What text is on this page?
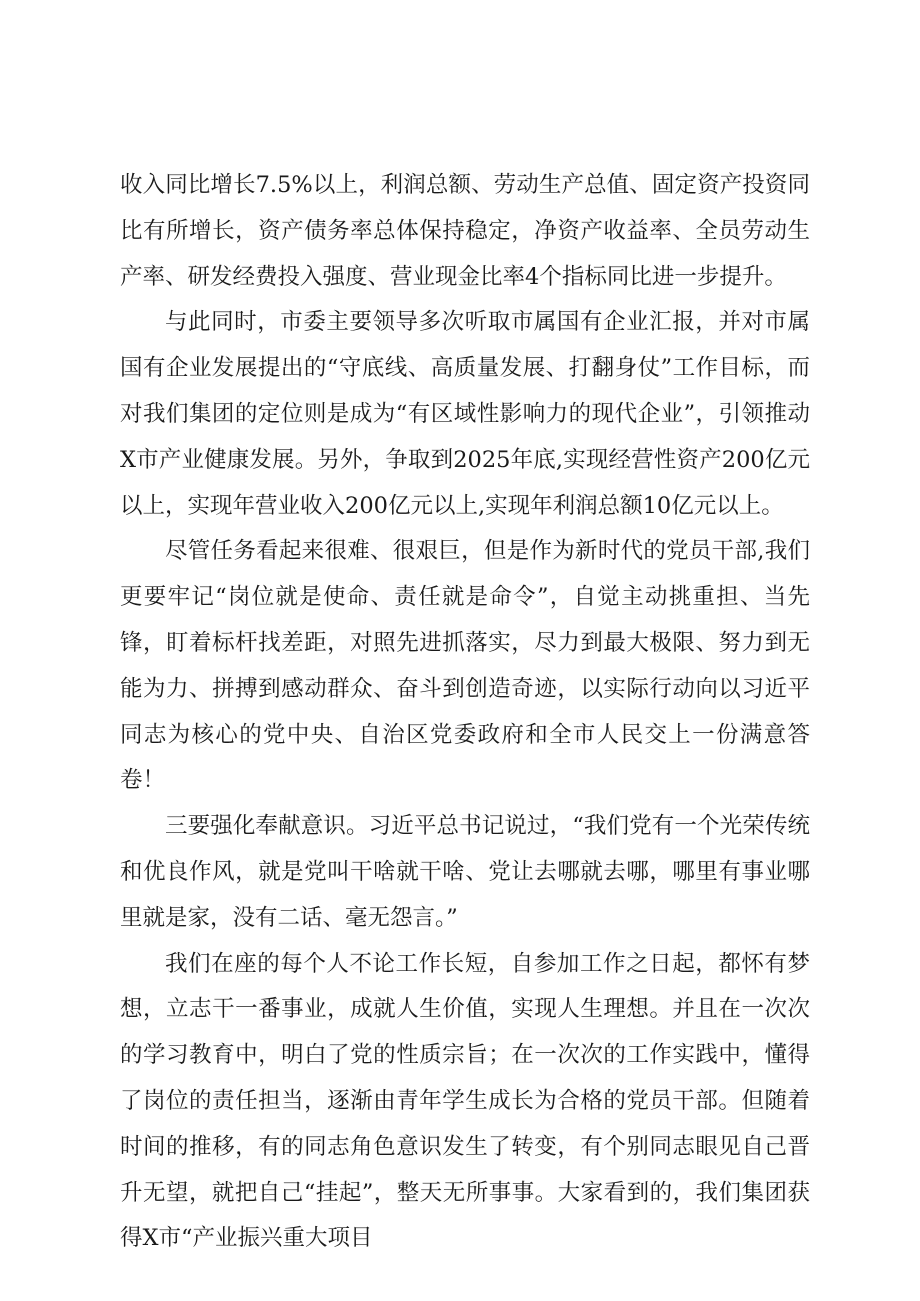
收入同比增长7.5%以上，利润总额、劳动生产总值、固定资产投资同比有所增长，资产债务率总体保持稳定，净资产收益率、全员劳动生产率、研发经费投入强度、营业现金比率4个指标同比进一步提升。

与此同时，市委主要领导多次听取市属国有企业汇报，并对市属国有企业发展提出的“守底线、高质量发展、打翻身仗”工作目标，而对我们集团的定位则是成为“有区域性影响力的现代企业”，引领推动X市产业健康发展。另外，争取到2025年底,实现经营性资产200亿元以上，实现年营业收入200亿元以上,实现年利润总额10亿元以上。

尽管任务看起来很难、很艰巨，但是作为新时代的党员干部,我们更要牢记“岗位就是使命、责任就是命令”，自觉主动挑重担、当先锋，盯着标杆找差距，对照先进抓落实，尽力到最大极限、努力到无能为力、拼搏到感动群众、奋斗到创造奇迹，以实际行动向以习近平同志为核心的党中央、自治区党委政府和全市人民交上一份满意答卷！

三要强化奉献意识。习近平总书记说过，“我们党有一个光荣传统和优良作风，就是党叫干啥就干啥、党让去哪就去哪，哪里有事业哪里就是家，没有二话、毫无怨言。”

我们在座的每个人不论工作长短，自参加工作之日起，都怀有梦想，立志干一番事业，成就人生价值，实现人生理想。并且在一次次的学习教育中，明白了党的性质宗旨；在一次次的工作实践中，懂得了岗位的责任担当，逐渐由青年学生成长为合格的党员干部。但随着时间的推移，有的同志角色意识发生了转变，有个别同志眼见自己晋升无望，就把自己“挂起”，整天无所事事。大家看到的，我们集团获得X市“产业振兴重大项目
